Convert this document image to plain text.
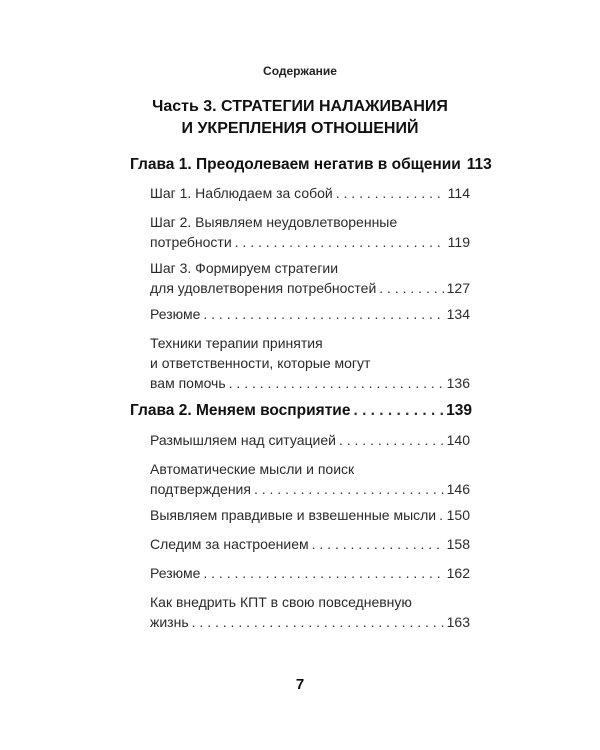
Содержание
Часть 3. СТРАТЕГИИ НАЛАЖИВАНИЯ
И УКРЕПЛЕНИЯ ОТНОШЕНИЙ
Глава 1. Преодолеваем негатив в общении 113
Шаг 1. Наблюдаем за собой . . .	114
Шаг 2. Выявляем неудовлетворенные
потребности . . .	119
Шаг 3. Формируем стратегии
для удовлетворения потребностей . . .	127
Резюме . . .	134
Техники терапии принятия
и ответственности, которые могут
вам помочь . . .	136
Глава 2. Меняем восприятие . . .	139
Размышляем над ситуацией . . .	140
Автоматические мысли и поиск
подтверждения . . .	146
Выявляем правдивые и взвешенные мысли . . . 150
Следим за настроением . . .	158
Резюме . . .	162
Как внедрить КПТ в свою повседневную
жизнь . . .	163
7
